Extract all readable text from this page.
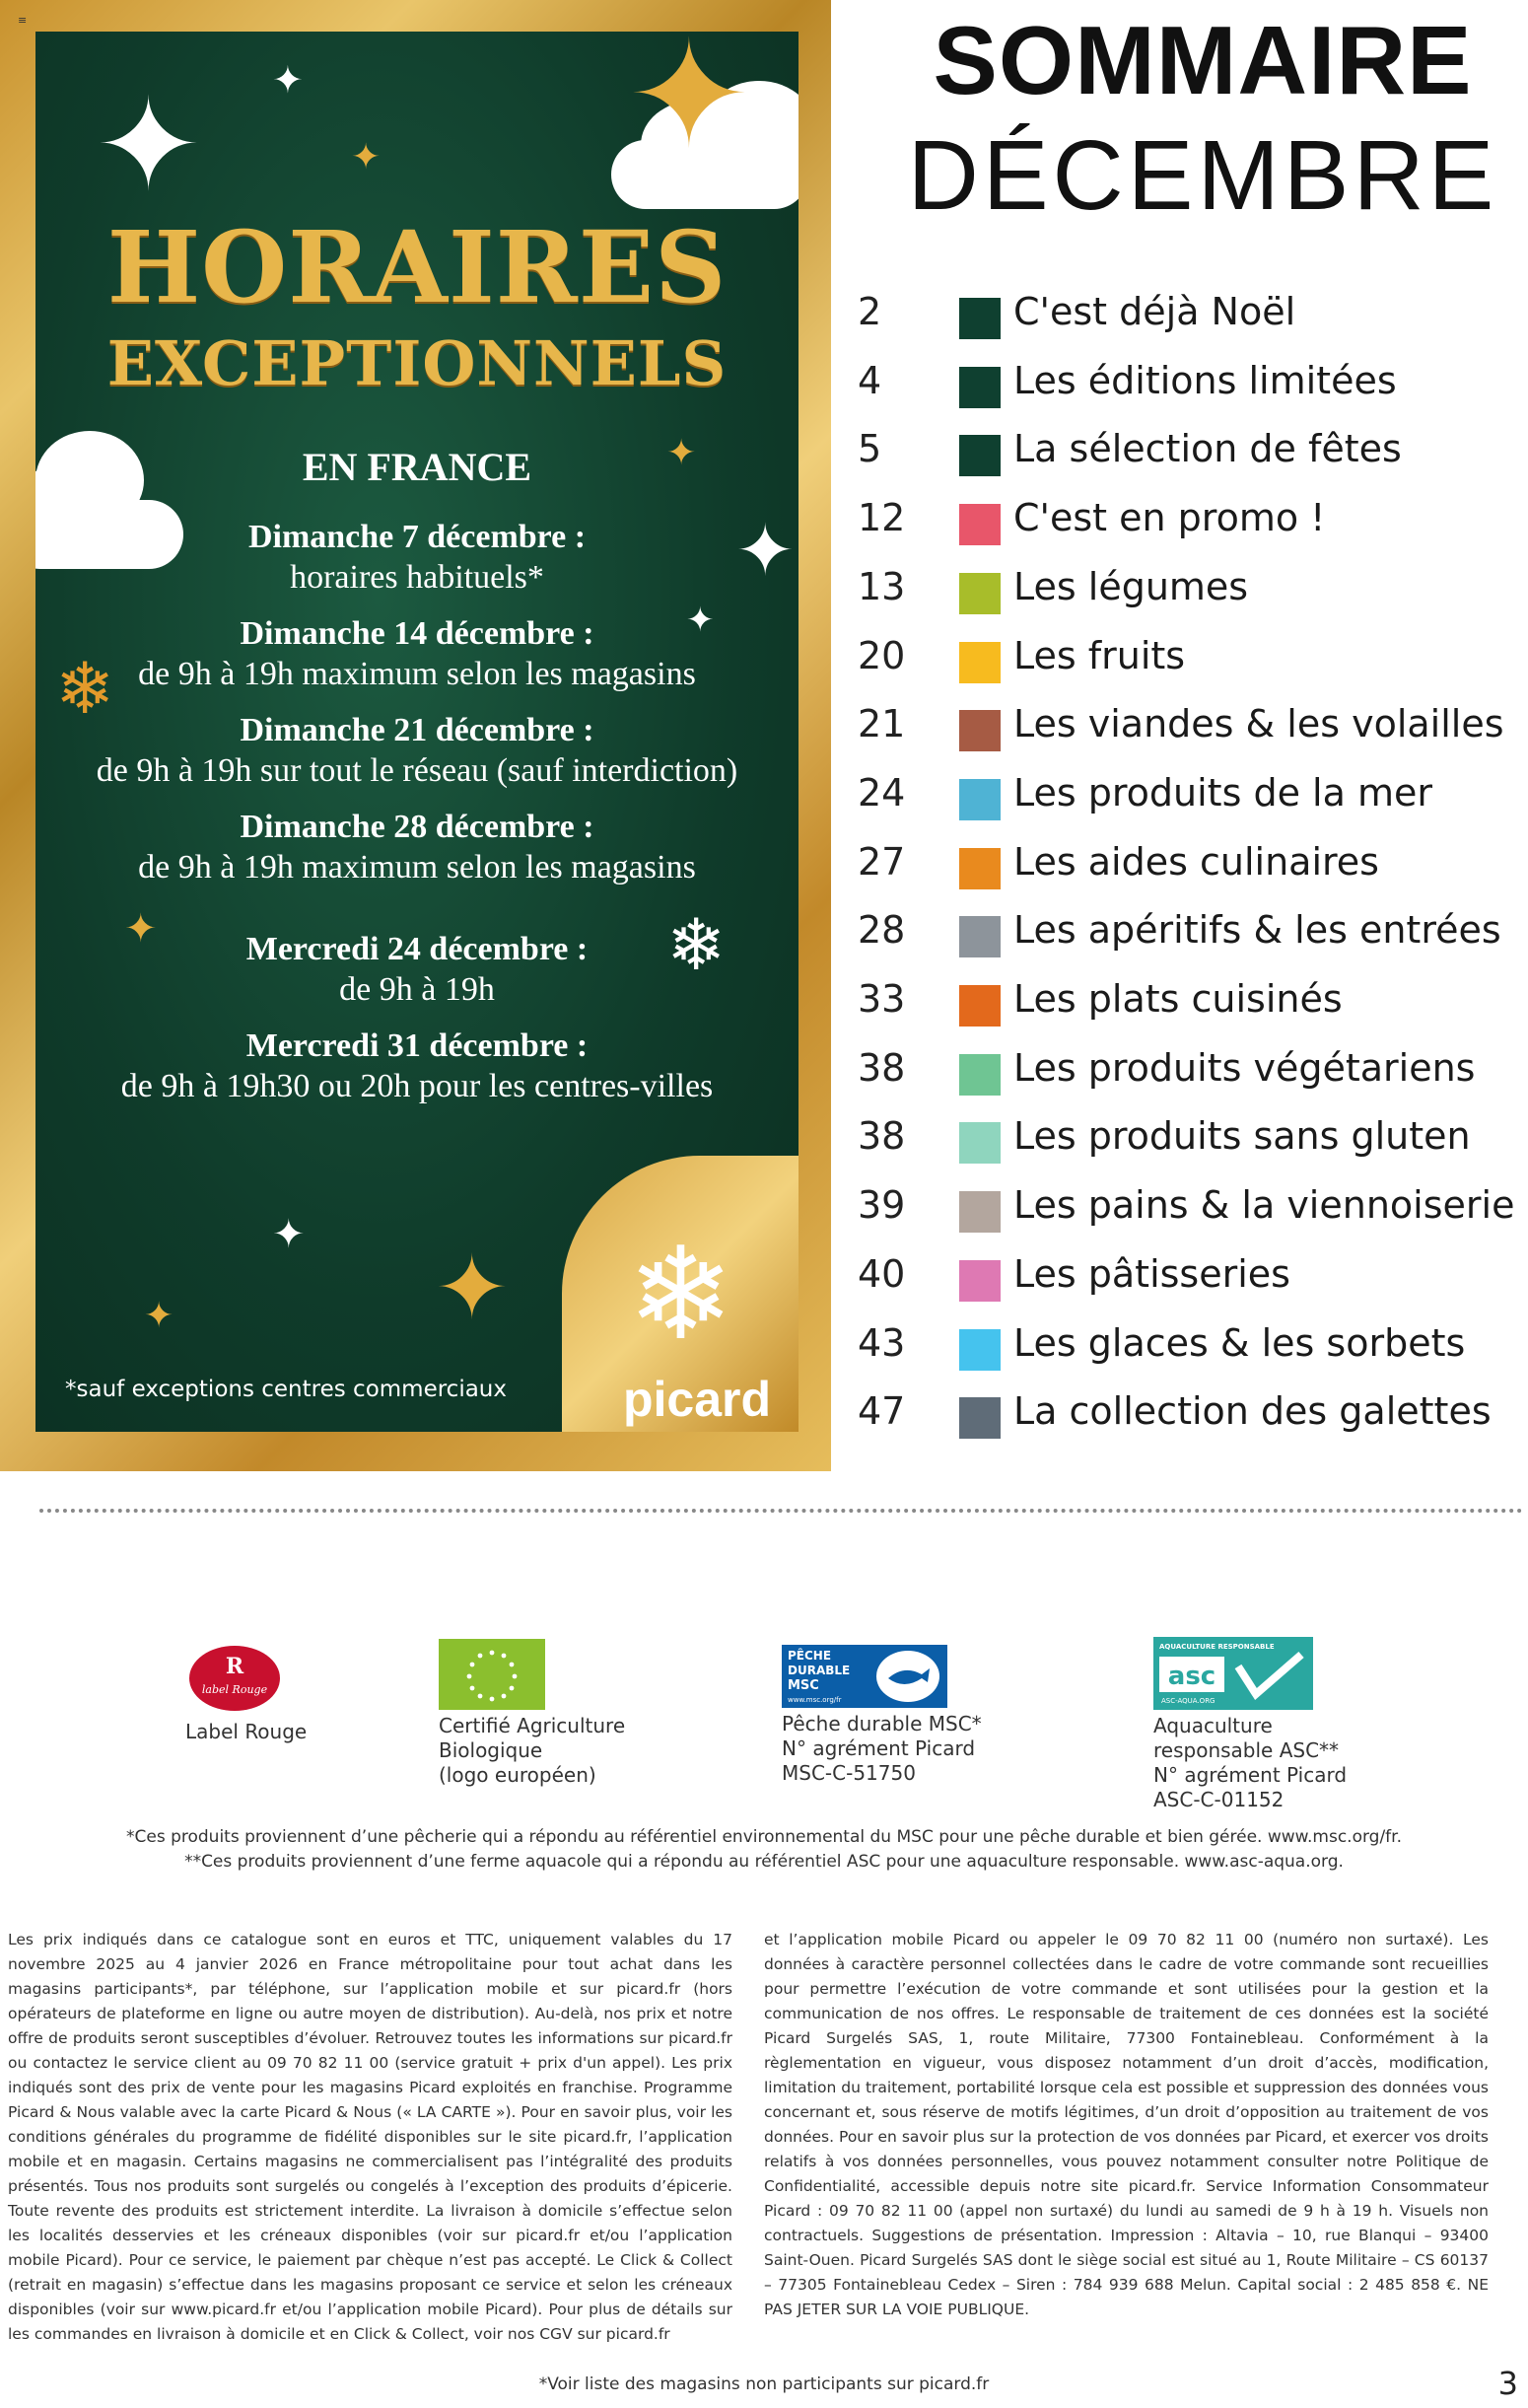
≡
✦ ✦
✦ ✦
✦
✦
✦
✦
✦
✦
✦
❄
❄
❄
picard
HORAIRES
EXCEPTIONNELS
EN FRANCE
Dimanche 7 décembre :
horaires habituels*
Dimanche 14 décembre :
de 9h à 19h maximum selon les magasins
Dimanche 21 décembre :
de 9h à 19h sur tout le réseau (sauf interdiction)
Dimanche 28 décembre :
de 9h à 19h maximum selon les magasins
Mercredi 24 décembre :
de 9h à 19h
Mercredi 31 décembre :
de 9h à 19h30 ou 20h pour les centres-villes
*sauf exceptions centres commerciaux
SOMMAIRE
DÉCEMBRE
2	C'est déjà Noël
4	Les éditions limitées
5	La sélection de fêtes
12	C'est en promo !
13	Les légumes
20	Les fruits
21	Les viandes & les volailles
24	Les produits de la mer
27	Les aides culinaires
28	Les apéritifs & les entrées
33	Les plats cuisinés
38	Les produits végétariens
38	Les produits sans gluten
39	Les pains & la viennoiserie
40	Les pâtisseries
43	Les glaces & les sorbets
47	La collection des galettes
R
label Rouge
Label Rouge	Certifié Agriculture
Biologique
(logo européen)
PÊCHE
DURABLE
MSC
www.msc.org/fr
Pêche durable MSC*
N° agrément Picard
MSC-C-51750
AQUACULTURE RESPONSABLE
asc
ASC-AQUA.ORG
Aquaculture
responsable ASC**
N° agrément Picard
ASC-C-01152
*Ces produits proviennent d’une pêcherie qui a répondu au référentiel environnemental du MSC pour une pêche durable et bien gérée. www.msc.org/fr.
**Ces produits proviennent d’une ferme aquacole qui a répondu au référentiel ASC pour une aquaculture responsable. www.asc-aqua.org.
Les prix indiqués dans ce catalogue sont en euros et TTC, uniquement valables du 17 novembre 2025 au 4 janvier 2026 en France métropolitaine pour tout achat dans les magasins participants*, par téléphone, sur l’application mobile et sur picard.fr (hors opérateurs de plateforme en ligne ou autre moyen de distribution). Au-delà, nos prix et notre offre de produits seront susceptibles d’évoluer. Retrouvez toutes les informations sur picard.fr ou contactez le service client au 09 70 82 11 00 (service gratuit + prix d'un appel). Les prix indiqués sont des prix de vente pour les magasins Picard exploités en franchise. Programme Picard & Nous valable avec la carte Picard & Nous (« LA CARTE »). Pour en savoir plus, voir les conditions générales du programme de fidélité disponibles sur le site picard.fr, l’application mobile et en magasin. Certains magasins ne commercialisent pas l’intégralité des produits présentés. Tous nos produits sont surgelés ou congelés à l’exception des produits d’épicerie. Toute revente des produits est strictement interdite. La livraison à domicile s’effectue selon les localités desservies et les créneaux disponibles (voir sur picard.fr et/ou l’application mobile Picard). Pour ce service, le paiement par chèque n’est pas accepté. Le Click & Collect (retrait en magasin) s’effectue dans les magasins proposant ce service et selon les créneaux disponibles (voir sur www.picard.fr et/ou l’application mobile Picard). Pour plus de détails sur les commandes en livraison à domicile et en Click & Collect, voir nos CGV sur picard.fr
et l’application mobile Picard ou appeler le 09 70 82 11 00 (numéro non surtaxé). Les données à caractère personnel collectées dans le cadre de votre commande sont recueillies pour permettre l’exécution de votre commande et sont utilisées pour la gestion et la communication de nos offres. Le responsable de traitement de ces données est la société Picard Surgelés SAS, 1, route Militaire, 77300 Fontainebleau. Conformément à la règlementation en vigueur, vous disposez notamment d’un droit d’accès, modification, limitation du traitement, portabilité lorsque cela est possible et suppression des données vous concernant et, sous réserve de motifs légitimes, d’un droit d’opposition au traitement de vos données. Pour en savoir plus sur la protection de vos données par Picard, et exercer vos droits relatifs à vos données personnelles, vous pouvez notamment consulter notre Politique de Confidentialité, accessible depuis notre site picard.fr. Service Information Consommateur Picard : 09 70 82 11 00 (appel non surtaxé) du lundi au samedi de 9 h à 19 h. Visuels non contractuels. Suggestions de présentation. Impression : Altavia – 10, rue Blanqui – 93400 Saint-Ouen. Picard Surgelés SAS dont le siège social est situé au 1, Route Militaire – CS 60137 – 77305 Fontainebleau Cedex – Siren : 784 939 688 Melun. Capital social : 2 485 858 €. NE PAS JETER SUR LA VOIE PUBLIQUE.
*Voir liste des magasins non participants sur picard.fr	3
